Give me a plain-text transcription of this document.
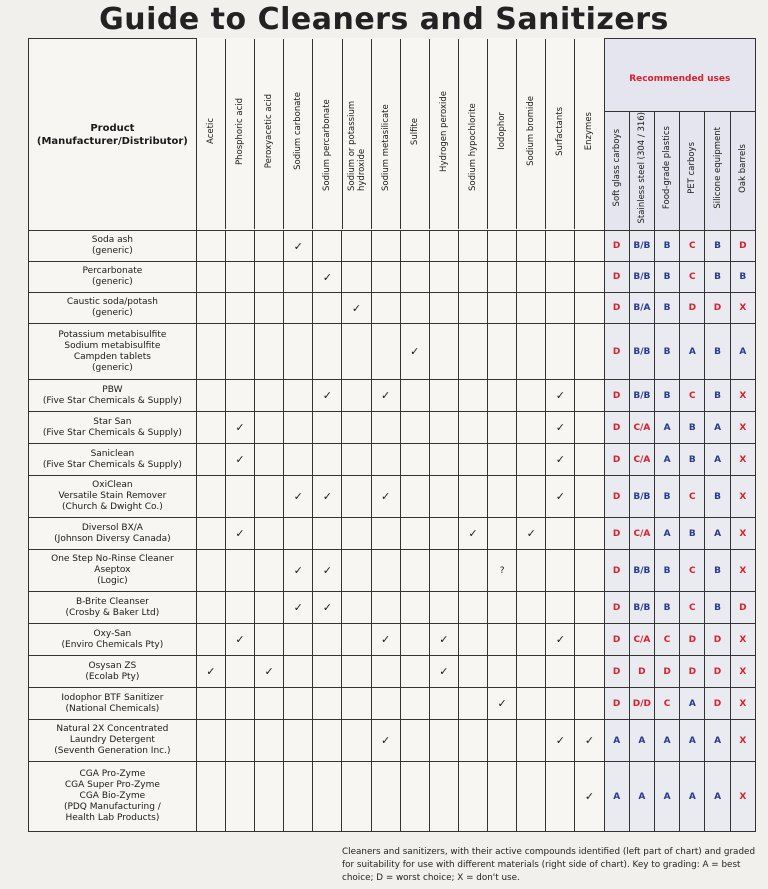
Guide to Cleaners and Sanitizers
Product
(Manufacturer/Distributor)
		Acetic	Phosphoric acid	Peroxyacetic acid	Sodium carbonate	Sodium percarbonate	Sodium or potassium hydroxide	Sodium metasilicate	Sulfite	Hydrogen peroxide	Sodium hypochlorite	Iodophor	Sodium bromide	Surfactants	Enzymes
	Recommended uses

Soft glass carboys	Stainless steel (304 / 316)	Food-grade plastics	PET carboys	Silicone equipment	Oak barrels

Soda ash
(generic)				✓											D	B/B	B	C	B	D
Percarbonate
(generic)					✓										D	B/B	B	C	B	B
Caustic soda/potash
(generic)						✓									D	B/A	B	D	D	X
Potassium metabisulfite
Sodium metabisulfite
Campden tablets
(generic)								✓							D	B/B	B	A	B	A
PBW
(Five Star Chemicals & Supply)					✓		✓						✓		D	B/B	B	C	B	X
Star San
(Five Star Chemicals & Supply)		✓											✓		D	C/A	A	B	A	X
Saniclean
(Five Star Chemicals & Supply)		✓											✓		D	C/A	A	B	A	X
OxiClean
Versatile Stain Remover
(Church & Dwight Co.)				✓	✓		✓						✓		D	B/B	B	C	B	X
Diversol BX/A
(Johnson Diversy Canada)		✓								✓		✓			D	C/A	A	B	A	X
One Step No-Rinse Cleaner
Aseptox
(Logic)				✓	✓						?				D	B/B	B	C	B	X
B-Brite Cleanser
(Crosby & Baker Ltd)				✓	✓										D	B/B	B	C	B	D
Oxy-San
(Enviro Chemicals Pty)		✓					✓		✓				✓		D	C/A	C	D	D	X
Osysan ZS
(Ecolab Pty)	✓		✓						✓						D	D	D	D	D	X
Iodophor BTF Sanitizer
(National Chemicals)											✓				D	D/D	C	A	D	X
Natural 2X Concentrated
Laundry Detergent
(Seventh Generation Inc.)							✓						✓	✓	A	A	A	A	A	X
CGA Pro-Zyme
CGA Super Pro-Zyme
CGA Bio-Zyme
(PDQ Manufacturing /
Health Lab Products)														✓	A	A	A	A	A	X
Cleaners and sanitizers, with their active compounds identified (left part of chart) and graded for suitability for use with different materials (right side of chart). Key to grading: A = best choice; D = worst choice; X = don't use.
